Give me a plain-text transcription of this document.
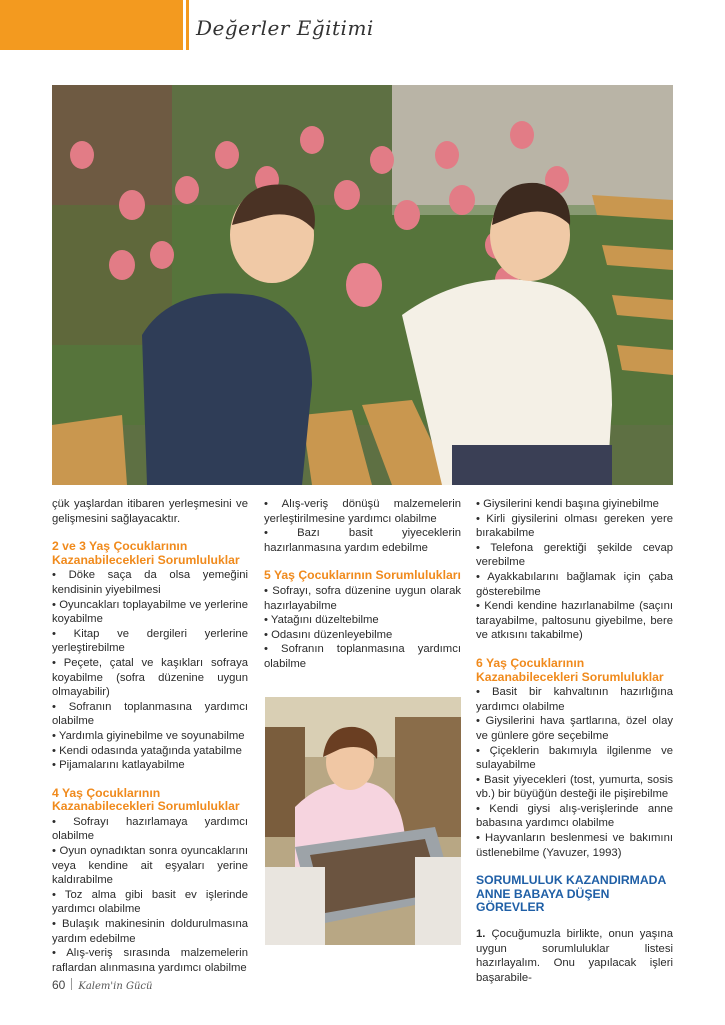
Değerler Eğitimi

çük yaşlardan itibaren yerleşmesini ve gelişmesini sağlayacaktır.

2 ve 3 Yaş Çocuklarının Kazanabilecekleri Sorumluluklar
• Döke saça da olsa yemeğini kendisinin yiyebilmesi
• Oyuncakları toplayabilme ve yerlerine koyabilme
• Kitap ve dergileri yerlerine yerleştirebilme
• Peçete, çatal ve kaşıkları sofraya koyabilme (sofra düzenine uygun olmayabilir)
• Sofranın toplanmasına yardımcı olabilme
• Yardımla giyinebilme ve soyunabilme
• Kendi odasında yatağında yatabilme
• Pijamalarını katlayabilme
4 Yaş Çocuklarının Kazanabilecekleri Sorumluluklar
• Sofrayı hazırlamaya yardımcı olabilme
• Oyun oynadıktan sonra oyuncaklarını veya kendine ait eşyaları yerine kaldırabilme
• Toz alma gibi basit ev işlerinde yardımcı olabilme
• Bulaşık makinesinin doldurulmasına yardım edebilme
• Alış-veriş sırasında malzemelerin raflardan alınmasına yardımcı olabilme
• Alış-veriş dönüşü malzemelerin yerleştirilmesine yardımcı olabilme
• Bazı basit yiyeceklerin hazırlanmasına yardım edebilme
5 Yaş Çocuklarının Sorumlulukları
• Sofrayı, sofra düzenine uygun olarak hazırlayabilme
• Yatağını düzeltebilme
• Odasını düzenleyebilme
• Sofranın toplanmasına yardımcı olabilme
• Giysilerini kendi başına giyinebilme
• Kirli giysilerini olması gereken yere bırakabilme
• Telefona gerektiği şekilde cevap verebilme
• Ayakkabılarını bağlamak için çaba gösterebilme
• Kendi kendine hazırlanabilme (saçını tarayabilme, paltosunu giyebilme, bere ve atkısını takabilme)
6 Yaş Çocuklarının Kazanabilecekleri Sorumluluklar
• Basit bir kahvaltının hazırlığına yardımcı olabilme
• Giysilerini hava şartlarına, özel olay ve günlere göre seçebilme
• Çiçeklerin bakımıyla ilgilenme ve sulayabilme
• Basit yiyecekleri (tost, yumurta, sosis vb.) bir büyüğün desteği ile pişirebilme
• Kendi giysi alış-verişlerinde anne babasına yardımcı olabilme
• Hayvanların beslenmesi ve bakımını üstlenebilme (Yavuzer, 1993)
SORUMLULUK KAZANDIRMADA ANNE BABAYA DÜŞEN GÖREVLER

1. Çocuğumuzla birlikte, onun yaşına uygun sorumluluklar listesi hazırlayalım. Onu yapılacak işleri başarabile-

60 Kalem'in Gücü
